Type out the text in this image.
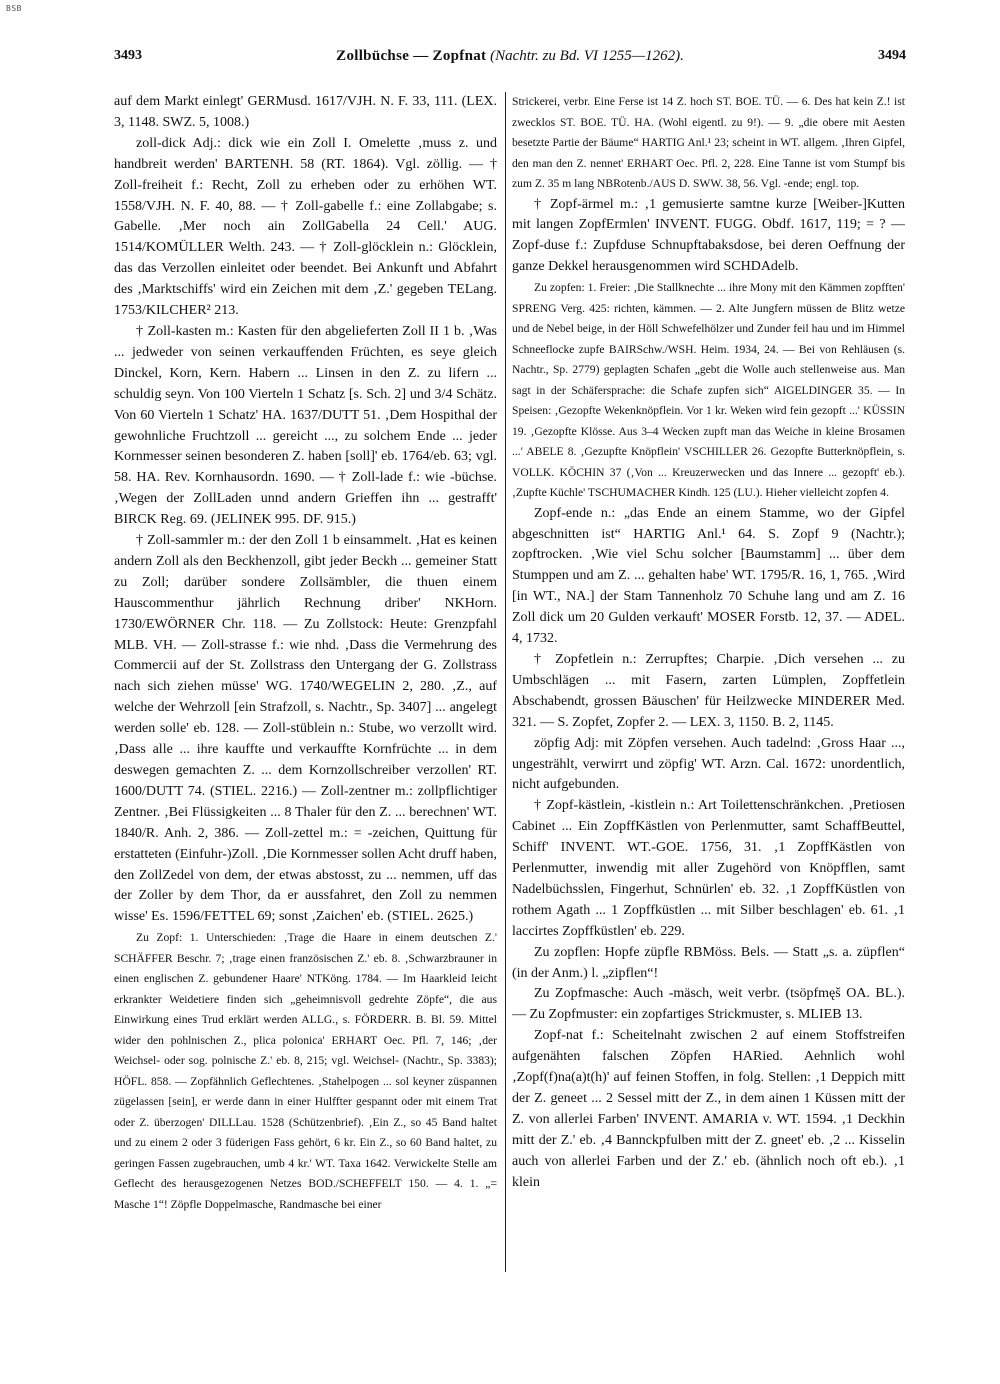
BSB
3493	Zollbüchse — Zopfnat (Nachtr. zu Bd. VI 1255—1262).	3494

auf dem Markt einlegt' GERMusd. 1617/VJH. N. F. 33, 111. (LEX. 3, 1148. SWZ. 5, 1008.)

zoll-dick Adj.: dick wie ein Zoll I. Omelette ‚muss z. und handbreit werden' BARTENH. 58 (RT. 1864). Vgl. zöllig. — † Zoll-freiheit f.: Recht, Zoll zu erheben oder zu erhöhen WT. 1558/VJH. N. F. 40, 88. — † Zoll-gabelle f.: eine Zollabgabe; s. Gabelle. ‚Mer noch ain ZollGabella 24 Cell.' AUG. 1514/KOMÜLLER Welth. 243. — † Zoll-glöcklein n.: Glöcklein, das das Verzollen einleitet oder beendet. Bei Ankunft und Abfahrt des ‚Marktschiffs' wird ein Zeichen mit dem ‚Z.' gegeben TELang. 1753/KILCHER² 213.

† Zoll-kasten m.: Kasten für den abgelieferten Zoll II 1 b. ‚Was ... jedweder von seinen verkauffenden Früchten, es seye gleich Dinckel, Korn, Kern. Habern ... Linsen in den Z. zu lifern ... schuldig seyn. Von 100 Vierteln 1 Schatz [s. Sch. 2] und 3/4 Schätz. Von 60 Vierteln 1 Schatz' HA. 1637/DUTT 51. ‚Dem Hospithal der gewohnliche Fruchtzoll ... gereicht ..., zu solchem Ende ... jeder Kornmesser seinen besonderen Z. haben [soll]' eb. 1764/eb. 63; vgl. 58. HA. Rev. Kornhausordn. 1690. — † Zoll-lade f.: wie -büchse. ‚Wegen der ZollLaden unnd andern Grieffen ihn ... gestrafft' BIRCK Reg. 69. (JELINEK 995. DF. 915.)

† Zoll-sammler m.: der den Zoll 1 b einsammelt. ‚Hat es keinen andern Zoll als den Beckhenzoll, gibt jeder Beckh ... gemeiner Statt zu Zoll; darüber sondere Zollsämbler, die thuen einem Hauscommenthur jährlich Rechnung driber' NKHorn. 1730/EWÖRNER Chr. 118. — Zu Zollstock: Heute: Grenzpfahl MLB. VH. — Zoll-strasse f.: wie nhd. ‚Dass die Vermehrung des Commercii auf der St. Zollstrass den Untergang der G. Zollstrass nach sich ziehen müsse' WG. 1740/WEGELIN 2, 280. ‚Z., auf welche der Wehrzoll [ein Strafzoll, s. Nachtr., Sp. 3407] ... angelegt werden solle' eb. 128. — Zoll-stüblein n.: Stube, wo verzollt wird. ‚Dass alle ... ihre kauffte und verkauffte Kornfrüchte ... in dem deswegen gemachten Z. ... dem Kornzollschreiber verzollen' RT. 1600/DUTT 74. (STIEL. 2216.) — Zoll-zentner m.: zollpflichtiger Zentner. ‚Bei Flüssigkeiten ... 8 Thaler für den Z. ... berechnen' WT. 1840/R. Anh. 2, 386. — Zoll-zettel m.: = -zeichen, Quittung für erstatteten (Einfuhr-)Zoll. ‚Die Kornmesser sollen Acht druff haben, den ZollZedel von dem, der etwas abstosst, zu ... nemmen, uff das der Zoller by dem Thor, da er aussfahret, den Zoll zu nemmen wisse' Es. 1596/FETTEL 69; sonst ‚Zaichen' eb. (STIEL. 2625.)

Zu Zopf: 1. Unterschieden: ‚Trage die Haare in einem deutschen Z.' SCHÄFFER Beschr. 7; ‚trage einen französischen Z.' eb. 8. ‚Schwarzbrauner in einen englischen Z. gebundener Haare' NTKöng. 1784. — Im Haarkleid leicht erkrankter Weidetiere finden sich „geheimnisvoll gedrehte Zöpfe“, die aus Einwirkung eines Trud erklärt werden ALLG., s. FÖRDERR. B. Bl. 59. Mittel wider den pohlnischen Z., plica polonica' ERHART Oec. Pfl. 7, 146; ‚der Weichsel- oder sog. polnische Z.' eb. 8, 215; vgl. Weichsel- (Nachtr., Sp. 3383); HÖFL. 858. — Zopfähnlich Geflechtenes. ‚Stahelpogen ... sol keyner züspannen zügelassen [sein], er werde dann in einer Hulffter gespannt oder mit einem Trat oder Z. überzogen' DILLLau. 1528 (Schützenbrief). ‚Ein Z., so 45 Band haltet und zu einem 2 oder 3 füderigen Fass gehört, 6 kr. Ein Z., so 60 Band haltet, zu geringen Fassen zugebrauchen, umb 4 kr.' WT. Taxa 1642. Verwickelte Stelle am Geflecht des herausgezogenen Netzes BOD./SCHEFFELT 150. — 4. 1. „= Masche 1“! Zöpfle Doppelmasche, Randmasche bei einer

Strickerei, verbr. Eine Ferse ist 14 Z. hoch ST. BOE. TÜ. — 6. Des hat kein Z.! ist zwecklos ST. BOE. TÜ. HA. (Wohl eigentl. zu 9!). — 9. „die obere mit Aesten besetzte Partie der Bäume“ HARTIG Anl.¹ 23; scheint in WT. allgem. ‚Ihren Gipfel, den man den Z. nennet' ERHART Oec. Pfl. 2, 228. Eine Tanne ist vom Stumpf bis zum Z. 35 m lang NBRotenb./AUS D. SWW. 38, 56. Vgl. -ende; engl. top.

† Zopf-ärmel m.: ‚1 gemusierte samtne kurze [Weiber-]Kutten mit langen ZopfErmlen' INVENT. FUGG. Obdf. 1617, 119; = ? — Zopf-duse f.: Zupfduse Schnupftabaksdose, bei deren Oeffnung der ganze Dekkel herausgenommen wird SCHDAdelb.

Zu zopfen: 1. Freier: ‚Die Stallknechte ... ihre Mony mit den Kämmen zopfften' SPRENG Verg. 425: richten, kämmen. — 2. Alte Jungfern müssen de Blitz wetze und de Nebel beige, in der Höll Schwefelhölzer und Zunder feil hau und im Himmel Schneeflocke zupfe BAIRSchw./WSH. Heim. 1934, 24. — Bei von Rehläusen (s. Nachtr., Sp. 2779) geplagten Schafen „gebt die Wolle auch stellenweise aus. Man sagt in der Schäfersprache: die Schafe zupfen sich“ AIGELDINGER 35. — In Speisen: ‚Gezopfte Wekenknöpflein. Vor 1 kr. Weken wird fein gezopft ...' KÜSSIN 19. ‚Gezopfte Klösse. Aus 3–4 Wecken zupft man das Weiche in kleine Brosamen ...' ABELE 8. ‚Gezupfte Knöpflein' VSCHILLER 26. Gezopfte Butterknöpflein, s. VOLLK. KÖCHIN 37 (‚Von ... Kreuzerwecken und das Innere ... gezopft' eb.). ‚Zupfte Küchle' TSCHUMACHER Kindh. 125 (LU.). Hieher vielleicht zopfen 4.

Zopf-ende n.: „das Ende an einem Stamme, wo der Gipfel abgeschnitten ist“ HARTIG Anl.¹ 64. S. Zopf 9 (Nachtr.); zopftrocken. ‚Wie viel Schu solcher [Baumstamm] ... über dem Stumppen und am Z. ... gehalten habe' WT. 1795/R. 16, 1, 765. ‚Wird [in WT., NA.] der Stam Tannenholz 70 Schuhe lang und am Z. 16 Zoll dick um 20 Gulden verkauft' MOSER Forstb. 12, 37. — ADEL. 4, 1732.

† Zopfetlein n.: Zerrupftes; Charpie. ‚Dich versehen ... zu Umbschlägen ... mit Fasern, zarten Lümplen, Zopffetlein Abschabendt, grossen Bäuschen' für Heilzwecke MINDERER Med. 321. — S. Zopfet, Zopfer 2. — LEX. 3, 1150. B. 2, 1145.

zöpfig Adj: mit Zöpfen versehen. Auch tadelnd: ‚Gross Haar ..., ungestrählt, verwirrt und zöpfig' WT. Arzn. Cal. 1672: unordentlich, nicht aufgebunden.

† Zopf-kästlein, -kistlein n.: Art Toilettenschränkchen. ‚Pretiosen Cabinet ... Ein ZopffKästlen von Perlenmutter, samt SchaffBeuttel, Schiff' INVENT. WT.-GOE. 1756, 31. ‚1 ZopffKästlen von Perlenmutter, inwendig mit aller Zugehörd von Knöpfflen, samt Nadelbüchsslen, Fingerhut, Schnürlen' eb. 32. ‚1 ZopffKüstlen von rothem Agath ... 1 Zopffküstlen ... mit Silber beschlagen' eb. 61. ‚1 laccirtes Zopffküstlen' eb. 229.

Zu zopflen: Hopfe züpfle RBMöss. Bels. — Statt „s. a. züpflen“ (in der Anm.) l. „zipflen“!

Zu Zopfmasche: Auch -mäsch, weit verbr. (tsöpfmęš OA. BL.). — Zu Zopfmuster: ein zopfartiges Strickmuster, s. MLIEB 13.

Zopf-nat f.: Scheitelnaht zwischen 2 auf einem Stoffstreifen aufgenähten falschen Zöpfen HARied. Aehnlich wohl ‚Zopf(f)na(a)t(h)' auf feinen Stoffen, in folg. Stellen: ‚1 Deppich mitt der Z. geneet ... 2 Sessel mitt der Z., in dem ainen 1 Küssen mitt der Z. von allerlei Farben' INVENT. AMARIA v. WT. 1594. ‚1 Deckhin mitt der Z.' eb. ‚4 Bannckpfulben mitt der Z. gneet' eb. ‚2 ... Kisselin auch von allerlei Farben und der Z.' eb. (ähnlich noch oft eb.). ‚1 klein
